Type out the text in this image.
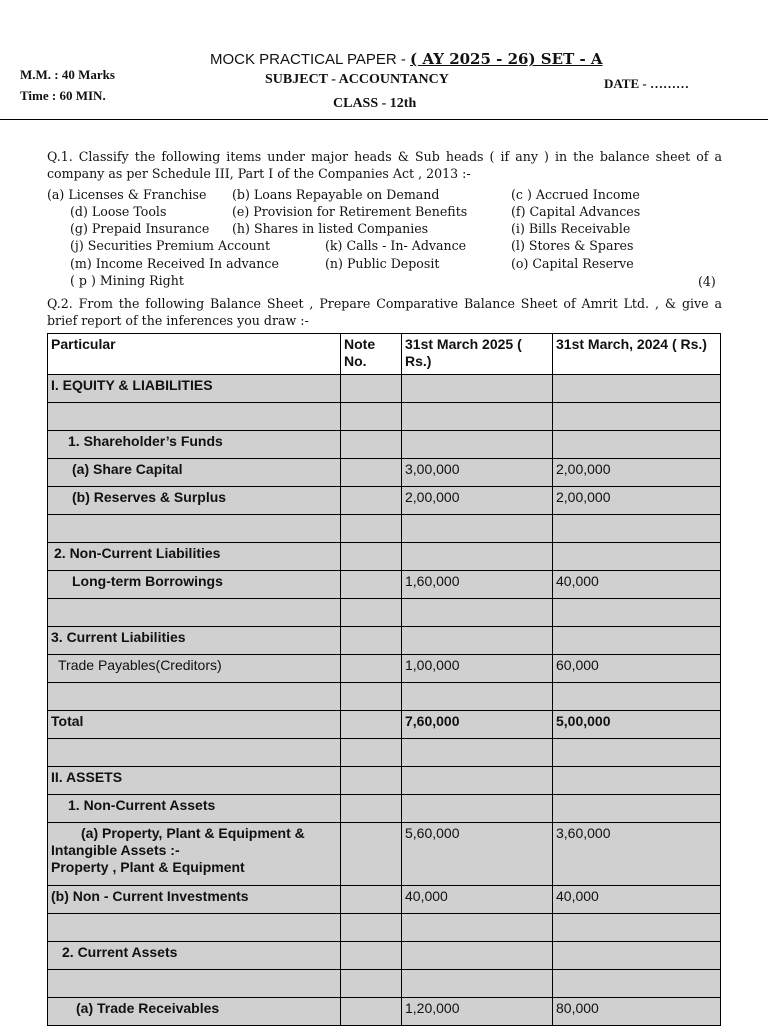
MOCK PRACTICAL PAPER - ( AY 2025 - 26) SET - A
SUBJECT - ACCOUNTANCY
CLASS - 12th
M.M. : 40 Marks
Time : 60 MIN.
DATE - ………
Q.1. Classify the following items under major heads & Sub heads ( if any ) in the balance sheet of a company as per Schedule III, Part I of the Companies Act , 2013 :-
(a) Licenses & Franchise (b) Loans Repayable on Demand	(c ) Accrued Income
(d) Loose Tools	(e) Provision for Retirement Benefits	(f) Capital Advances
(g) Prepaid Insurance (h) Shares in listed Companies	(i) Bills Receivable
(j) Securities Premium Account	(k) Calls - In- Advance	(l) Stores & Spares
(m) Income Received In advance	(n) Public Deposit	(o) Capital Reserve
( p ) Mining Right	(4)
Q.2. From the following Balance Sheet , Prepare Comparative Balance Sheet of Amrit Ltd. , & give a brief report of the inferences you draw :-
Particular	Note No.	31st March 2025 ( Rs.)	31st March, 2024 ( Rs.)
I. EQUITY & LIABILITIES			

1. Shareholder’s Funds			
(a) Share Capital		3,00,000	2,00,000
(b) Reserves & Surplus		2,00,000	2,00,000

2. Non-Current Liabilities			
Long-term Borrowings		1,60,000	40,000

3. Current Liabilities			
Trade Payables(Creditors)		1,00,000	60,000

Total		7,60,000	5,00,000

II. ASSETS			
1. Non-Current Assets			

(a) Property, Plant & Equipment &
Intangible Assets :-
Property , Plant & Equipment		5,60,000	3,60,000
(b) Non - Current Investments		40,000	40,000

2. Current Assets			

(a) Trade Receivables		1,20,000	80,000
